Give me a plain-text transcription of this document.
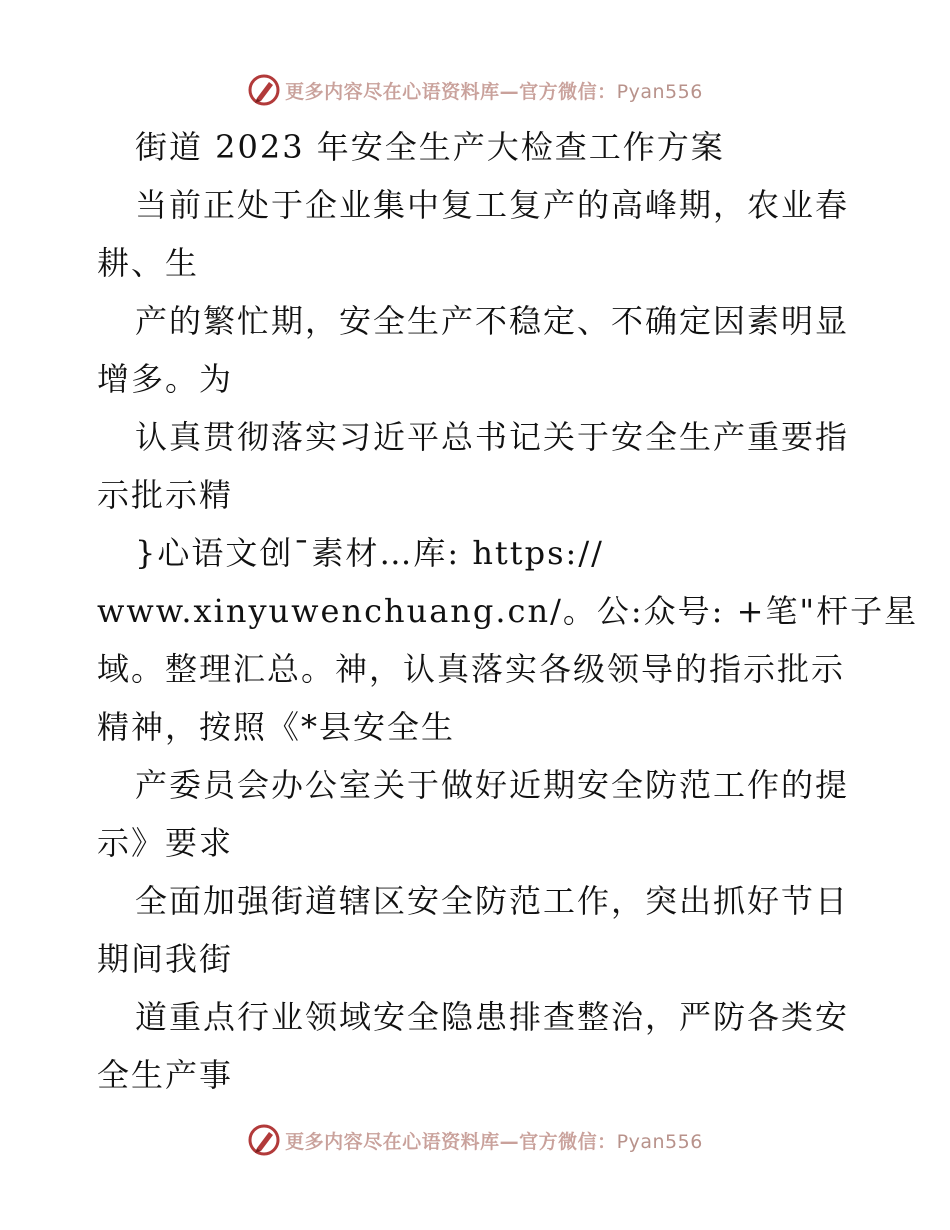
更多内容尽在心语资料库—官方微信：Pyan556
街道 2023 年安全生产大检查工作方案
当前正处于企业集中复工复产的高峰期，农业春
耕、生
产的繁忙期，安全生产不稳定、不确定因素明显
增多。为
认真贯彻落实习近平总书记关于安全生产重要指
示批示精
}心语文创¯素材…库: https://
www.xinyuwenchuang.cn/。公:众号: +笔"杆子星
域。整理汇总。神，认真落实各级领导的指示批示
精神，按照《*县安全生
产委员会办公室关于做好近期安全防范工作的提
示》要求
全面加强街道辖区安全防范工作，突出抓好节日
期间我街
道重点行业领域安全隐患排查整治，严防各类安
全生产事
更多内容尽在心语资料库—官方微信：Pyan556
